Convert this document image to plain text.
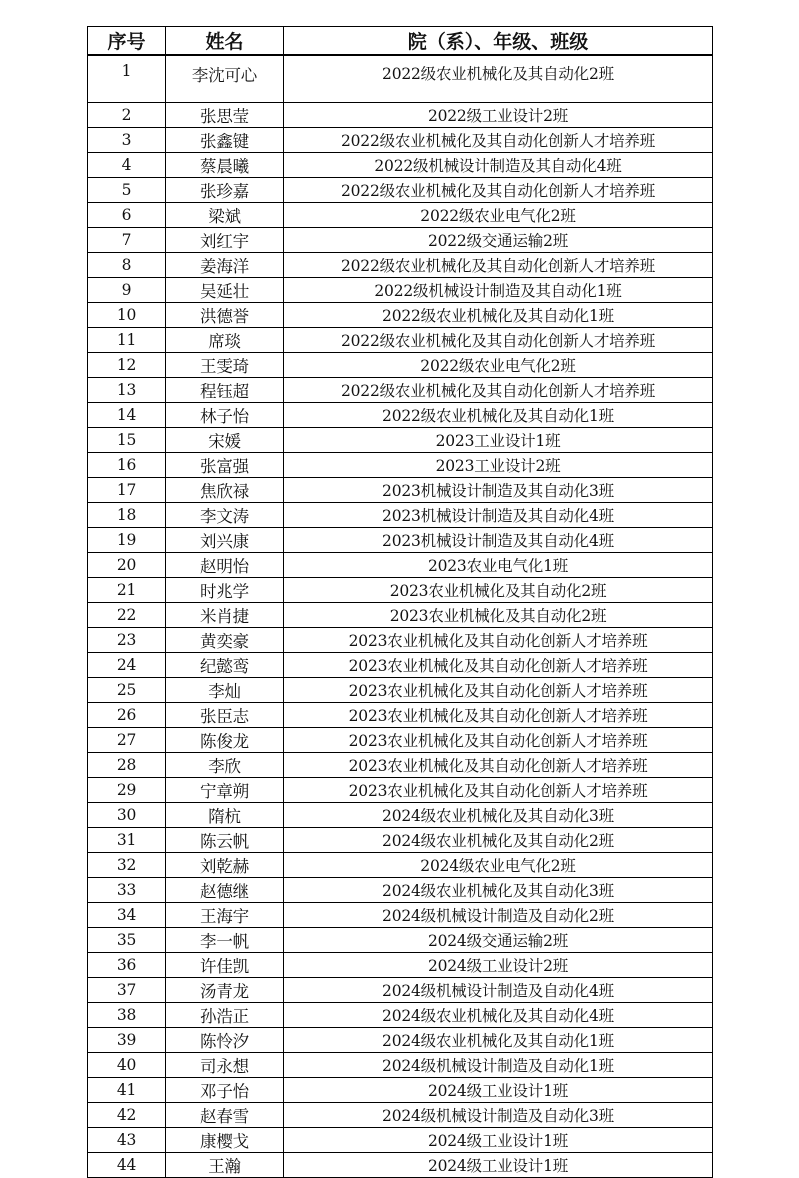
序号	姓名	院（系）、年级、班级
1	李沈可心	2022级农业机械化及其自动化2班
2	张思莹	2022级工业设计2班
3	张鑫键	2022级农业机械化及其自动化创新人才培养班
4	蔡晨曦	2022级机械设计制造及其自动化4班
5	张珍嘉	2022级农业机械化及其自动化创新人才培养班
6	梁斌	2022级农业电气化2班
7	刘红宇	2022级交通运输2班
8	姜海洋	2022级农业机械化及其自动化创新人才培养班
9	吴延壮	2022级机械设计制造及其自动化1班
10	洪德誉	2022级农业机械化及其自动化1班
11	席琰	2022级农业机械化及其自动化创新人才培养班
12	王雯琦	2022级农业电气化2班
13	程钰超	2022级农业机械化及其自动化创新人才培养班
14	林子怡	2022级农业机械化及其自动化1班
15	宋媛	2023工业设计1班
16	张富强	2023工业设计2班
17	焦欣禄	2023机械设计制造及其自动化3班
18	李文涛	2023机械设计制造及其自动化4班
19	刘兴康	2023机械设计制造及其自动化4班
20	赵明怡	2023农业电气化1班
21	时兆学	2023农业机械化及其自动化2班
22	米肖捷	2023农业机械化及其自动化2班
23	黄奕豪	2023农业机械化及其自动化创新人才培养班
24	纪懿鸾	2023农业机械化及其自动化创新人才培养班
25	李灿	2023农业机械化及其自动化创新人才培养班
26	张臣志	2023农业机械化及其自动化创新人才培养班
27	陈俊龙	2023农业机械化及其自动化创新人才培养班
28	李欣	2023农业机械化及其自动化创新人才培养班
29	宁章朔	2023农业机械化及其自动化创新人才培养班
30	隋杭	2024级农业机械化及其自动化3班
31	陈云帆	2024级农业机械化及其自动化2班
32	刘乾赫	2024级农业电气化2班
33	赵德继	2024级农业机械化及其自动化3班
34	王海宇	2024级机械设计制造及自动化2班
35	李一帆	2024级交通运输2班
36	许佳凯	2024级工业设计2班
37	汤青龙	2024级机械设计制造及自动化4班
38	孙浩正	2024级农业机械化及其自动化4班
39	陈怜汐	2024级农业机械化及其自动化1班
40	司永想	2024级机械设计制造及自动化1班
41	邓子怡	2024级工业设计1班
42	赵春雪	2024级机械设计制造及自动化3班
43	康樱戈	2024级工业设计1班
44	王瀚	2024级工业设计1班
